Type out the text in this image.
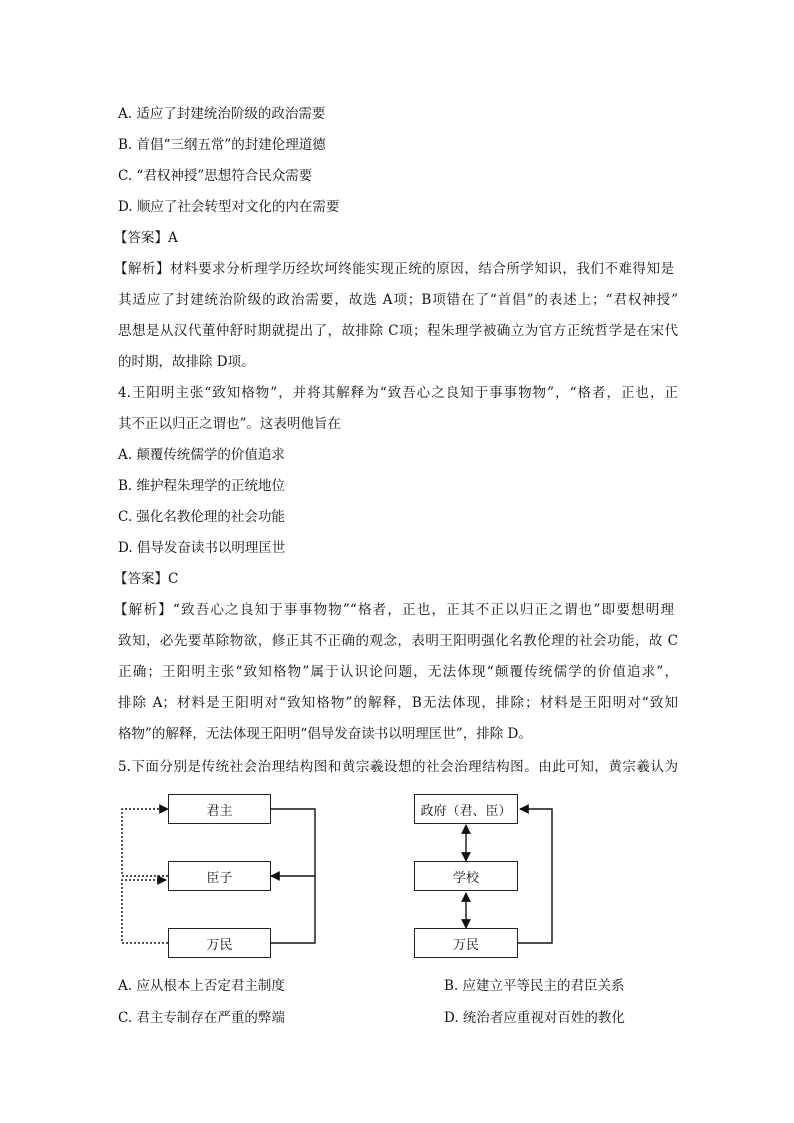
A. 适应了封建统治阶级的政治需要
B. 首倡“三纲五常”的封建伦理道德
C. “君权神授”思想符合民众需要
D. 顺应了社会转型对文化的内在需要
【答案】A
【解析】材料要求分析理学历经坎坷终能实现正统的原因，结合所学知识，我们不难得知是
其适应了封建统治阶级的政治需要，故选 A项；B项错在了“首倡”的表述上；“君权神授”
思想是从汉代董仲舒时期就提出了，故排除 C项；程朱理学被确立为官方正统哲学是在宋代
的时期，故排除 D项。
4.王阳明主张“致知格物”，并将其解释为“致吾心之良知于事事物物”，“格者，正也，正
其不正以归正之谓也”。这表明他旨在
A. 颠覆传统儒学的价值追求
B. 维护程朱理学的正统地位
C. 强化名教伦理的社会功能
D. 倡导发奋读书以明理匡世
【答案】C
【解析】“致吾心之良知于事事物物”“格者，正也，正其不正以归正之谓也”即要想明理
致知，必先要革除物欲，修正其不正确的观念，表明王阳明强化名教伦理的社会功能，故 C
正确；王阳明主张“致知格物”属于认识论问题，无法体现“颠覆传统儒学的价值追求”，
排除 A；材料是王阳明对“致知格物”的解释，B无法体现，排除；材料是王阳明对“致知
格物”的解释，无法体现王阳明“倡导发奋读书以明理匡世”，排除 D。
5.下面分别是传统社会治理结构图和黄宗羲设想的社会治理结构图。由此可知，黄宗羲认为
君主
臣子
万民
政府（君、臣）
学校
万民
A. 应从根本上否定君主制度	B. 应建立平等民主的君臣关系
C. 君主专制存在严重的弊端	D. 统治者应重视对百姓的教化
